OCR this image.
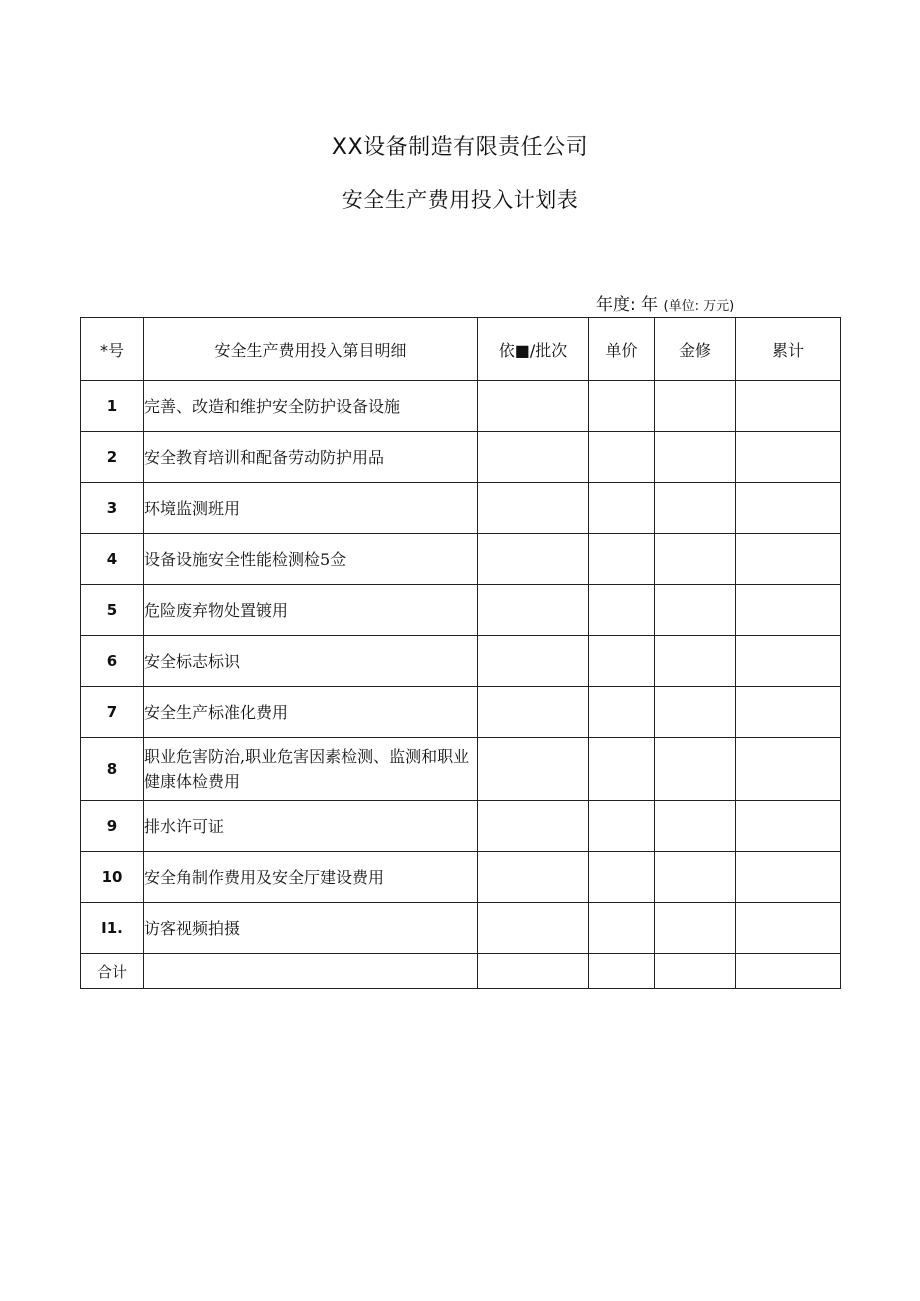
XX设备制造有限责任公司
安全生产费用投入计划表
年度: 年 (单位: 万元)
*号	安全生产费用投入第目明细	依■/批次	单价	金修	累计
1	完善、改造和维护安全防护设备设施				
2	安全教育培训和配备劳动防护用品				
3	环境监测班用				
4	设备设施安全性能检测检5佥				
5	危险废弃物处置镀用				
6	安全标志标识				
7	安全生产标准化费用				
8	职业危害防治,职业危害因素检测、监测和职业健康体检费用				
9	排水许可证				
10	安全角制作费用及安全厅建设费用				
I1.	访客视频拍摄				
合计					
